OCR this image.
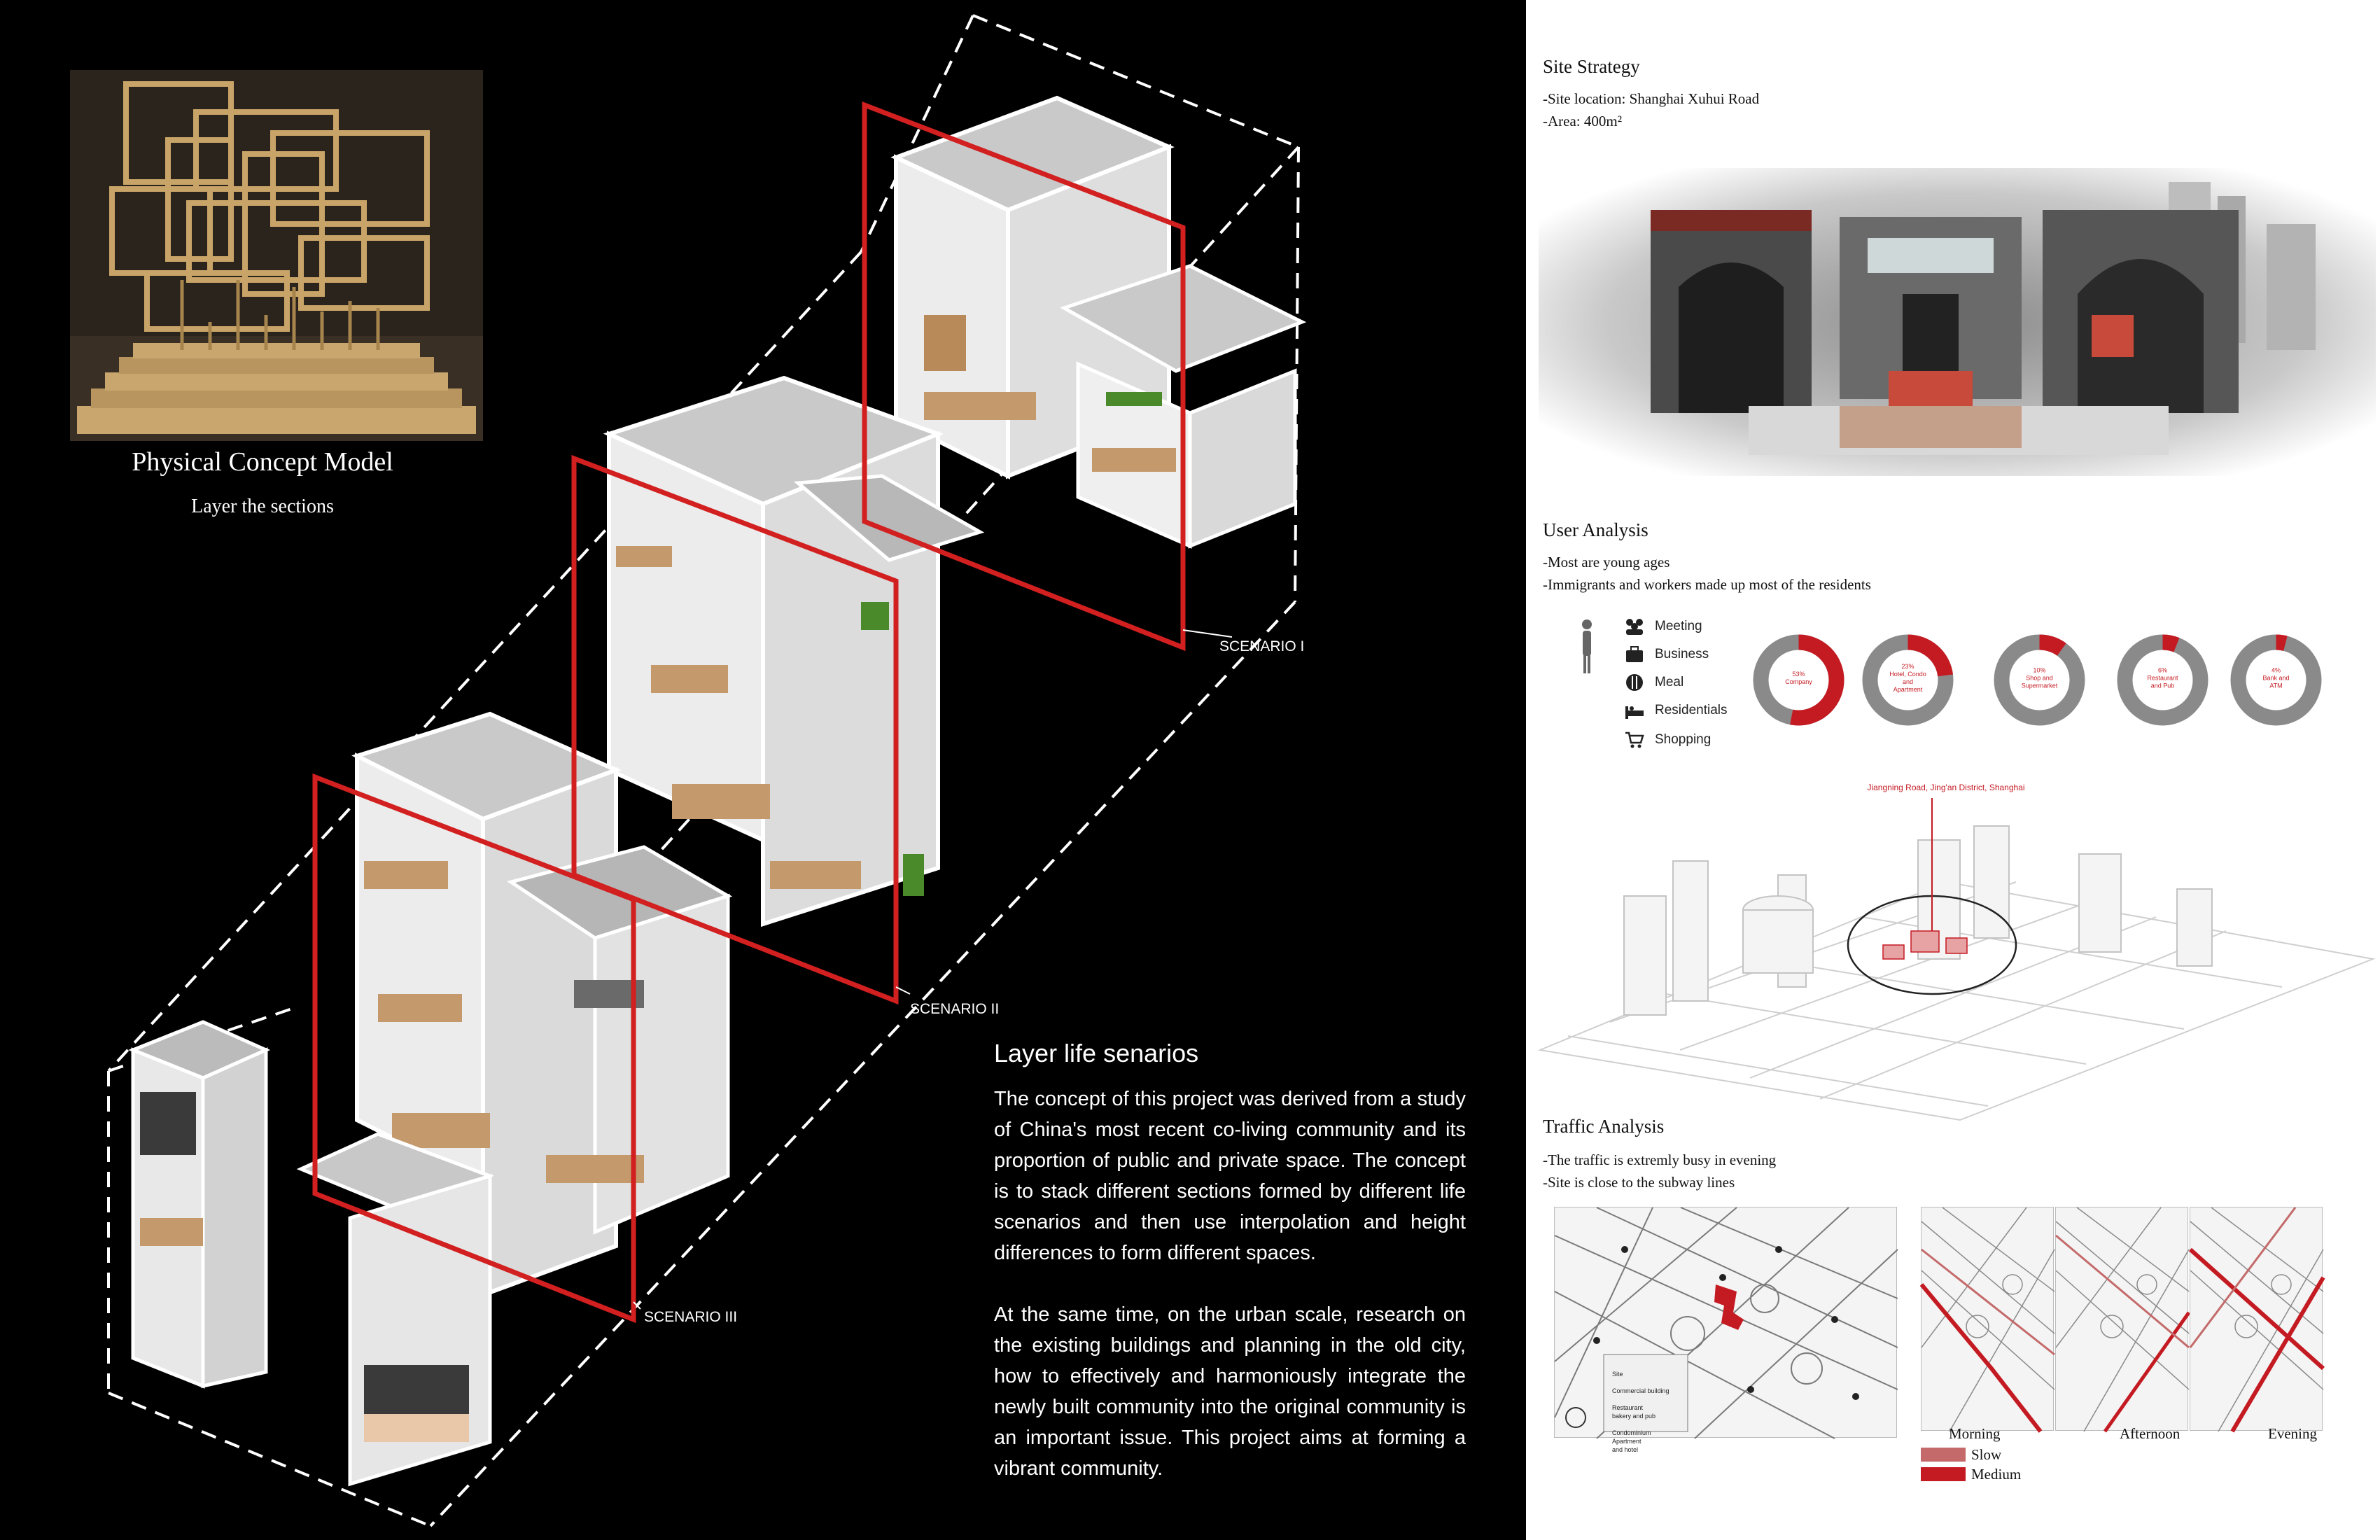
Physical Concept Model
Layer the sections
SCENARIO I
SCENARIO II
SCENARIO III
Layer life senarios

The concept of this project was derived from a study of China's most recent co-living community and its proportion of public and private space. The concept is to stack different sections formed by different life scenarios and then use interpolation and height differences to form different spaces.

At the same time, on the urban scale, research on the existing buildings and planning in the old city, how to effectively and harmoniously integrate the newly built community into the original community is an important issue. This project aims at forming a vibrant community.

Site Strategy
-Site location: Shanghai Xuhui Road
-Area: 400m²
User Analysis
-Most are young ages
-Immigrants and workers made up most of the residents
Meeting
Business
Meal
Residentials
Shopping
53% Company
23% Hotel, Condo and Apartment
10% Shop and Supermarket
6% Restaurant and Pub
4% Bank and ATM
Jiangning Road, Jing'an District, Shanghai
Traffic Analysis
-The traffic is extremly busy in evening
-Site is close to the subway lines

Site

Commercial building

Restaurant
bakery and pub

Condominium
Apartment
and hotel

Morning	Afternoon	Evening
Slow
Medium
